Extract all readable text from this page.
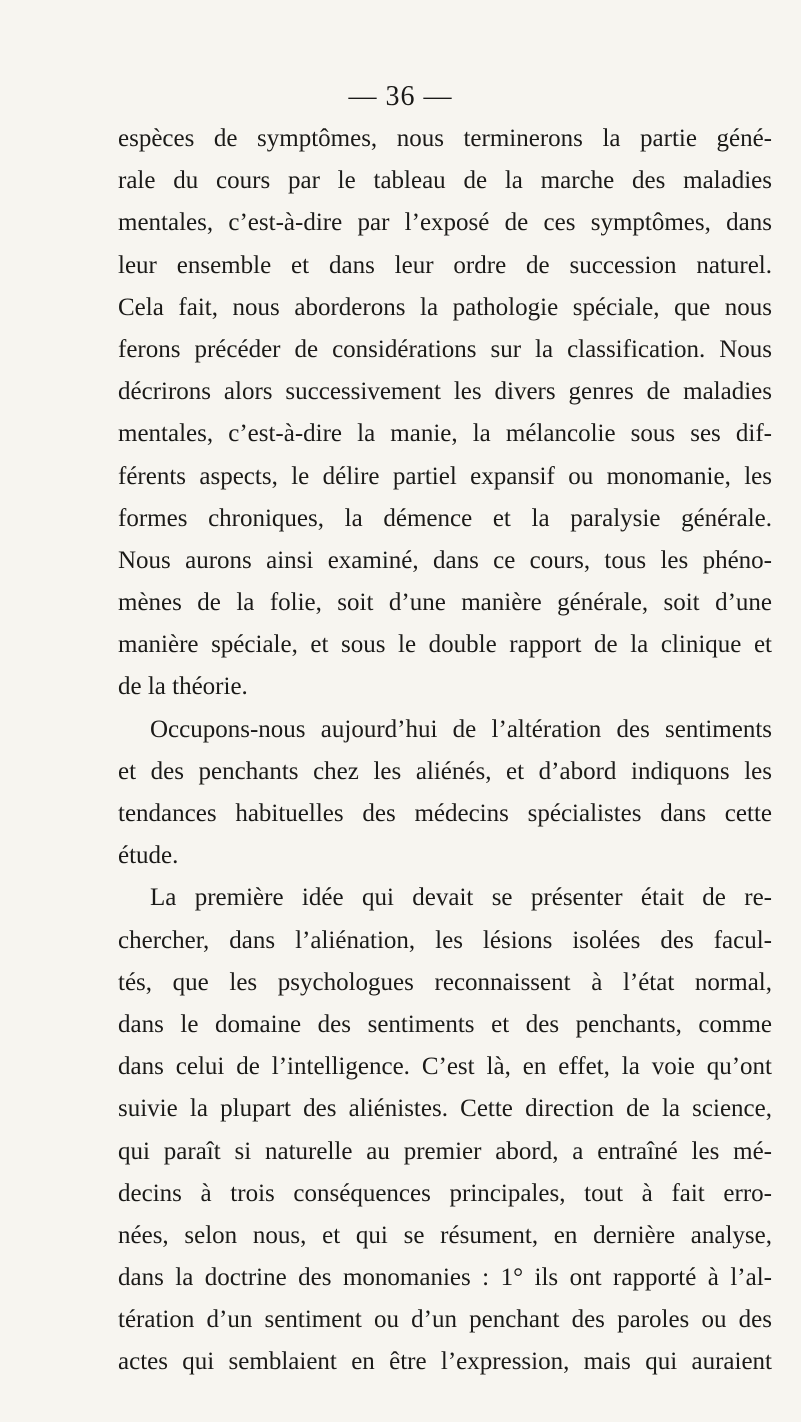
— 36 —
espèces de symptômes, nous terminerons la partie géné-
rale du cours par le tableau de la marche des maladies
mentales, c’est-à-dire par l’exposé de ces symptômes, dans
leur ensemble et dans leur ordre de succession naturel.
Cela fait, nous aborderons la pathologie spéciale, que nous
ferons précéder de considérations sur la classification. Nous
décrirons alors successivement les divers genres de maladies
mentales, c’est-à-dire la manie, la mélancolie sous ses dif-
férents aspects, le délire partiel expansif ou monomanie, les
formes chroniques, la démence et la paralysie générale.
Nous aurons ainsi examiné, dans ce cours, tous les phéno-
mènes de la folie, soit d’une manière générale, soit d’une
manière spéciale, et sous le double rapport de la clinique et
de la théorie.
Occupons-nous aujourd’hui de l’altération des sentiments
et des penchants chez les aliénés, et d’abord indiquons les
tendances habituelles des médecins spécialistes dans cette
étude.
La première idée qui devait se présenter était de re-
chercher, dans l’aliénation, les lésions isolées des facul-
tés, que les psychologues reconnaissent à l’état normal,
dans le domaine des sentiments et des penchants, comme
dans celui de l’intelligence. C’est là, en effet, la voie qu’ont
suivie la plupart des aliénistes. Cette direction de la science,
qui paraît si naturelle au premier abord, a entraîné les mé-
decins à trois conséquences principales, tout à fait erro-
nées, selon nous, et qui se résument, en dernière analyse,
dans la doctrine des monomanies : 1° ils ont rapporté à l’al-
tération d’un sentiment ou d’un penchant des paroles ou des
actes qui semblaient en être l’expression, mais qui auraient
